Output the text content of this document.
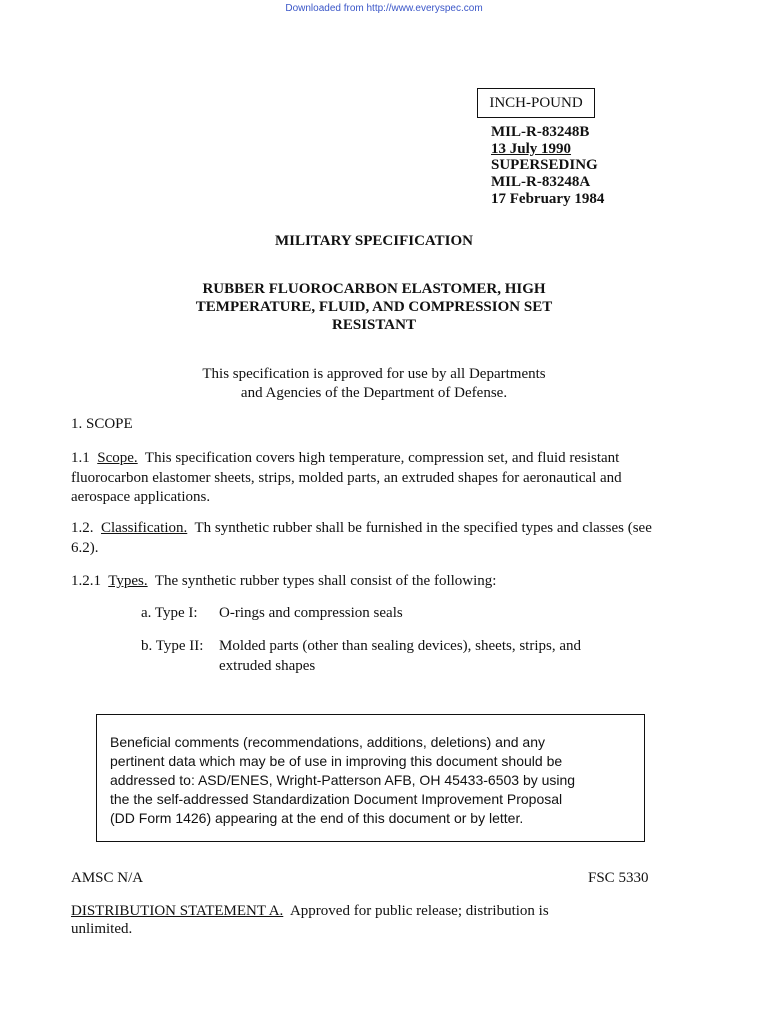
Downloaded from http://www.everyspec.com
INCH-POUND
MIL-R-83248B
13 July 1990
SUPERSEDING
MIL-R-83248A
17 February 1984
MILITARY SPECIFICATION
RUBBER FLUOROCARBON ELASTOMER, HIGH
TEMPERATURE, FLUID, AND COMPRESSION SET
RESISTANT
This specification is approved for use by all Departments
and Agencies of the Department of Defense.
1. SCOPE
1.1 Scope. This specification covers high temperature, compression set, and fluid resistant fluorocarbon elastomer sheets, strips, molded parts, an extruded shapes for aeronautical and aerospace applications.
1.2. Classification. Th synthetic rubber shall be furnished in the specified types and classes (see 6.2).
1.2.1 Types. The synthetic rubber types shall consist of the following:
a. Type I: O-rings and compression seals
b. Type II: Molded parts (other than sealing devices), sheets, strips, and
extruded shapes
Beneficial comments (recommendations, additions, deletions) and any
pertinent data which may be of use in improving this document should be
addressed to: ASD/ENES, Wright-Patterson AFB, OH 45433-6503 by using
the the self-addressed Standardization Document Improvement Proposal
(DD Form 1426) appearing at the end of this document or by letter.
AMSC N/A	FSC 5330
DISTRIBUTION STATEMENT A. Approved for public release; distribution is
unlimited.
